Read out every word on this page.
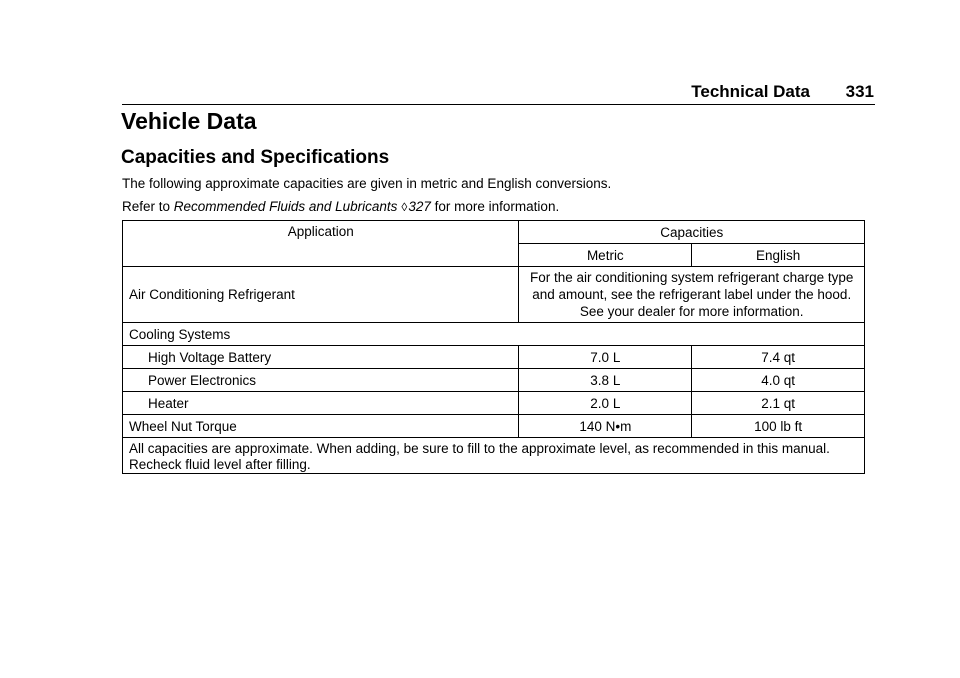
Technical Data 331
Vehicle Data
Capacities and Specifications

The following approximate capacities are given in metric and English conversions.

Refer to Recommended Fluids and Lubricants ◊327 for more information.

Application	Capacities	
	Metric	English
Air Conditioning Refrigerant	For the air conditioning system refrigerant charge type and amount, see the refrigerant label under the hood. See your dealer for more information.	
Cooling Systems		
High Voltage Battery	7.0 L	7.4 qt
Power Electronics	3.8 L	4.0 qt
Heater	2.0 L	2.1 qt
Wheel Nut Torque	140 N•m	100 lb ft
All capacities are approximate. When adding, be sure to fill to the approximate level, as recommended in this manual. Recheck fluid level after filling.		
